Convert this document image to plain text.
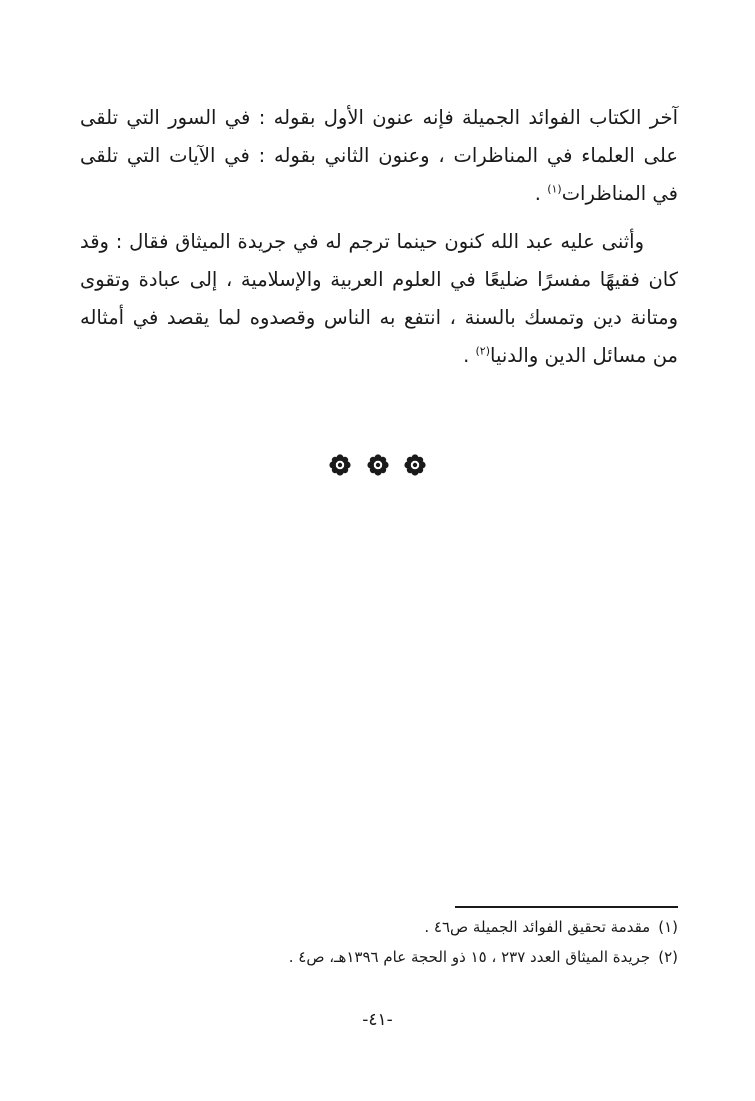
آخر الكتاب الفوائد الجميلة فإنه عنون الأول بقوله : في السور التي تلقى على العلماء في المناظرات ، وعنون الثاني بقوله : في الآيات التي تلقى في المناظرات$^{(١)}$ .

وأثنى عليه عبد الله كنون حينما ترجم له في جريدة الميثاق فقال : وقد كان فقيهًا مفسرًا ضليعًا في العلوم العربية والإسلامية ، إلى عبادة وتقوى ومتانة دين وتمسك بالسنة ، انتفع به الناس وقصدوه لما يقصد في أمثاله من مسائل الدين والدنيا$^{(٢)}$ .

(١)مقدمة تحقيق الفوائد الجميلة ص٤٦ .

(٢)جريدة الميثاق العدد ٢٣٧ ، ١٥ ذو الحجة عام ١٣٩٦هـ، ص٤ .

-٤١-
